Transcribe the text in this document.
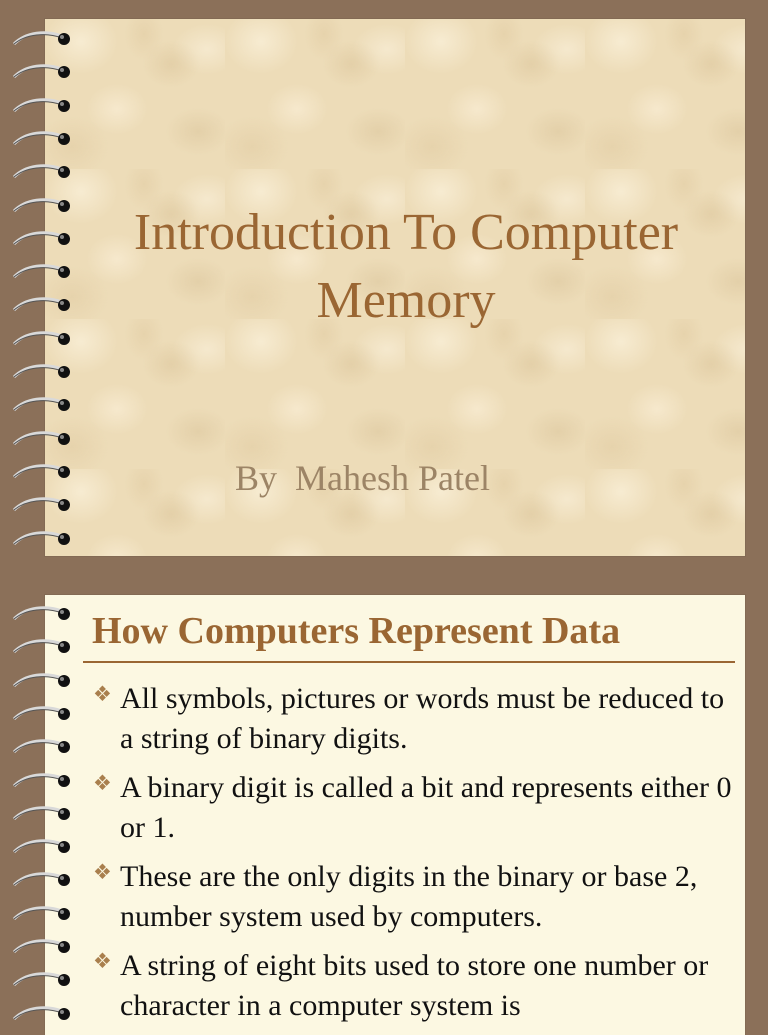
Introduction To Computer Memory

By  Mahesh Patel

How Computers Represent Data
❖ All symbols, pictures or words must be reduced to a string of binary digits.
❖ A binary digit is called a bit and represents either 0 or 1.
❖ These are the only digits in the binary or base 2, number system used by computers.
❖ A string of eight bits used to store one number or character in a computer system is
